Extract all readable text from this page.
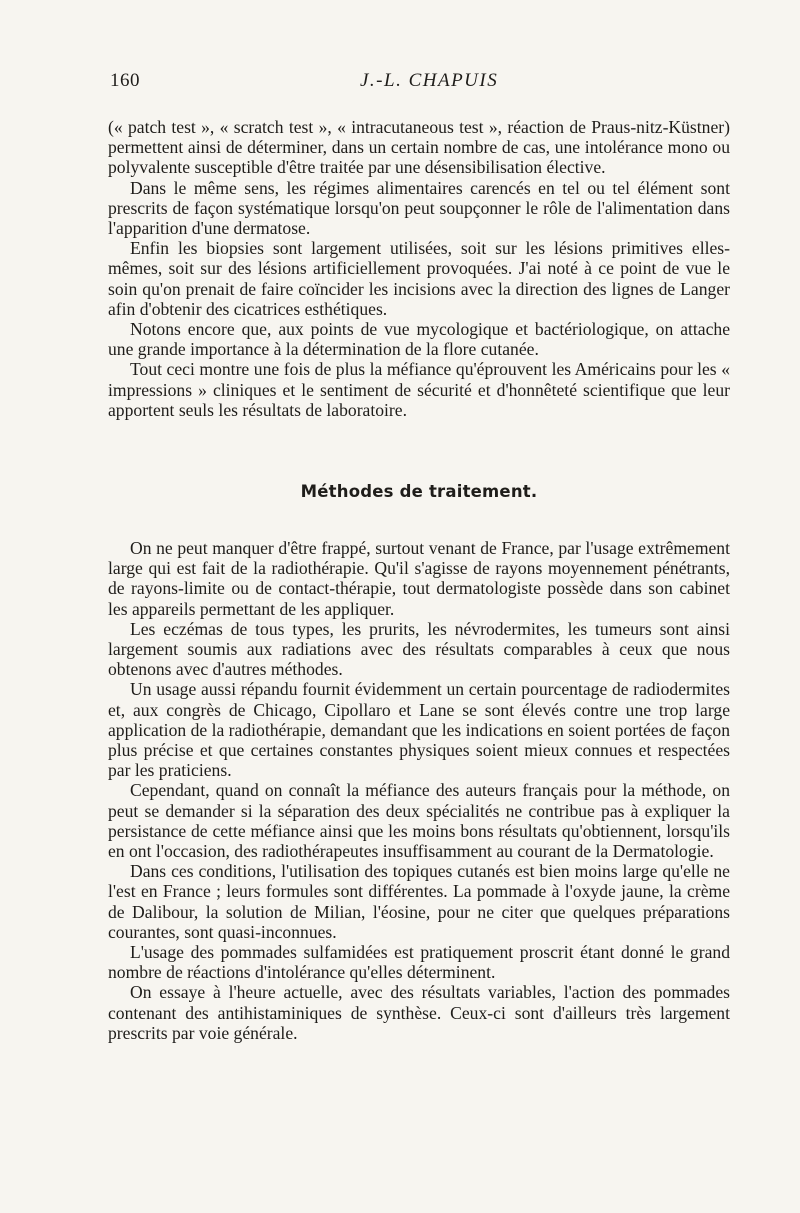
160	J.-L. CHAPUIS

(« patch test », « scratch test », « intracutaneous test », réaction de Praus-nitz-Küstner) permettent ainsi de déterminer, dans un certain nombre de cas, une intolérance mono ou polyvalente susceptible d'être traitée par une désensibilisation élective.

Dans le même sens, les régimes alimentaires carencés en tel ou tel élément sont prescrits de façon systématique lorsqu'on peut soupçonner le rôle de l'alimentation dans l'apparition d'une dermatose.

Enfin les biopsies sont largement utilisées, soit sur les lésions primitives elles-mêmes, soit sur des lésions artificiellement provoquées. J'ai noté à ce point de vue le soin qu'on prenait de faire coïncider les incisions avec la direction des lignes de Langer afin d'obtenir des cicatrices esthétiques.

Notons encore que, aux points de vue mycologique et bactériologique, on attache une grande importance à la détermination de la flore cutanée.

Tout ceci montre une fois de plus la méfiance qu'éprouvent les Américains pour les « impressions » cliniques et le sentiment de sécurité et d'honnêteté scientifique que leur apportent seuls les résultats de laboratoire.

Méthodes de traitement.

On ne peut manquer d'être frappé, surtout venant de France, par l'usage extrêmement large qui est fait de la radiothérapie. Qu'il s'agisse de rayons moyennement pénétrants, de rayons-limite ou de contact-thérapie, tout dermatologiste possède dans son cabinet les appareils permettant de les appliquer.

Les eczémas de tous types, les prurits, les névrodermites, les tumeurs sont ainsi largement soumis aux radiations avec des résultats comparables à ceux que nous obtenons avec d'autres méthodes.

Un usage aussi répandu fournit évidemment un certain pourcentage de radiodermites et, aux congrès de Chicago, Cipollaro et Lane se sont élevés contre une trop large application de la radiothérapie, demandant que les indications en soient portées de façon plus précise et que certaines constantes physiques soient mieux connues et respectées par les praticiens.

Cependant, quand on connaît la méfiance des auteurs français pour la méthode, on peut se demander si la séparation des deux spécialités ne contribue pas à expliquer la persistance de cette méfiance ainsi que les moins bons résultats qu'obtiennent, lorsqu'ils en ont l'occasion, des radiothérapeutes insuffisamment au courant de la Dermatologie.

Dans ces conditions, l'utilisation des topiques cutanés est bien moins large qu'elle ne l'est en France ; leurs formules sont différentes. La pommade à l'oxyde jaune, la crème de Dalibour, la solution de Milian, l'éosine, pour ne citer que quelques préparations courantes, sont quasi-inconnues.

L'usage des pommades sulfamidées est pratiquement proscrit étant donné le grand nombre de réactions d'intolérance qu'elles déterminent.

On essaye à l'heure actuelle, avec des résultats variables, l'action des pommades contenant des antihistaminiques de synthèse. Ceux-ci sont d'ailleurs très largement prescrits par voie générale.
